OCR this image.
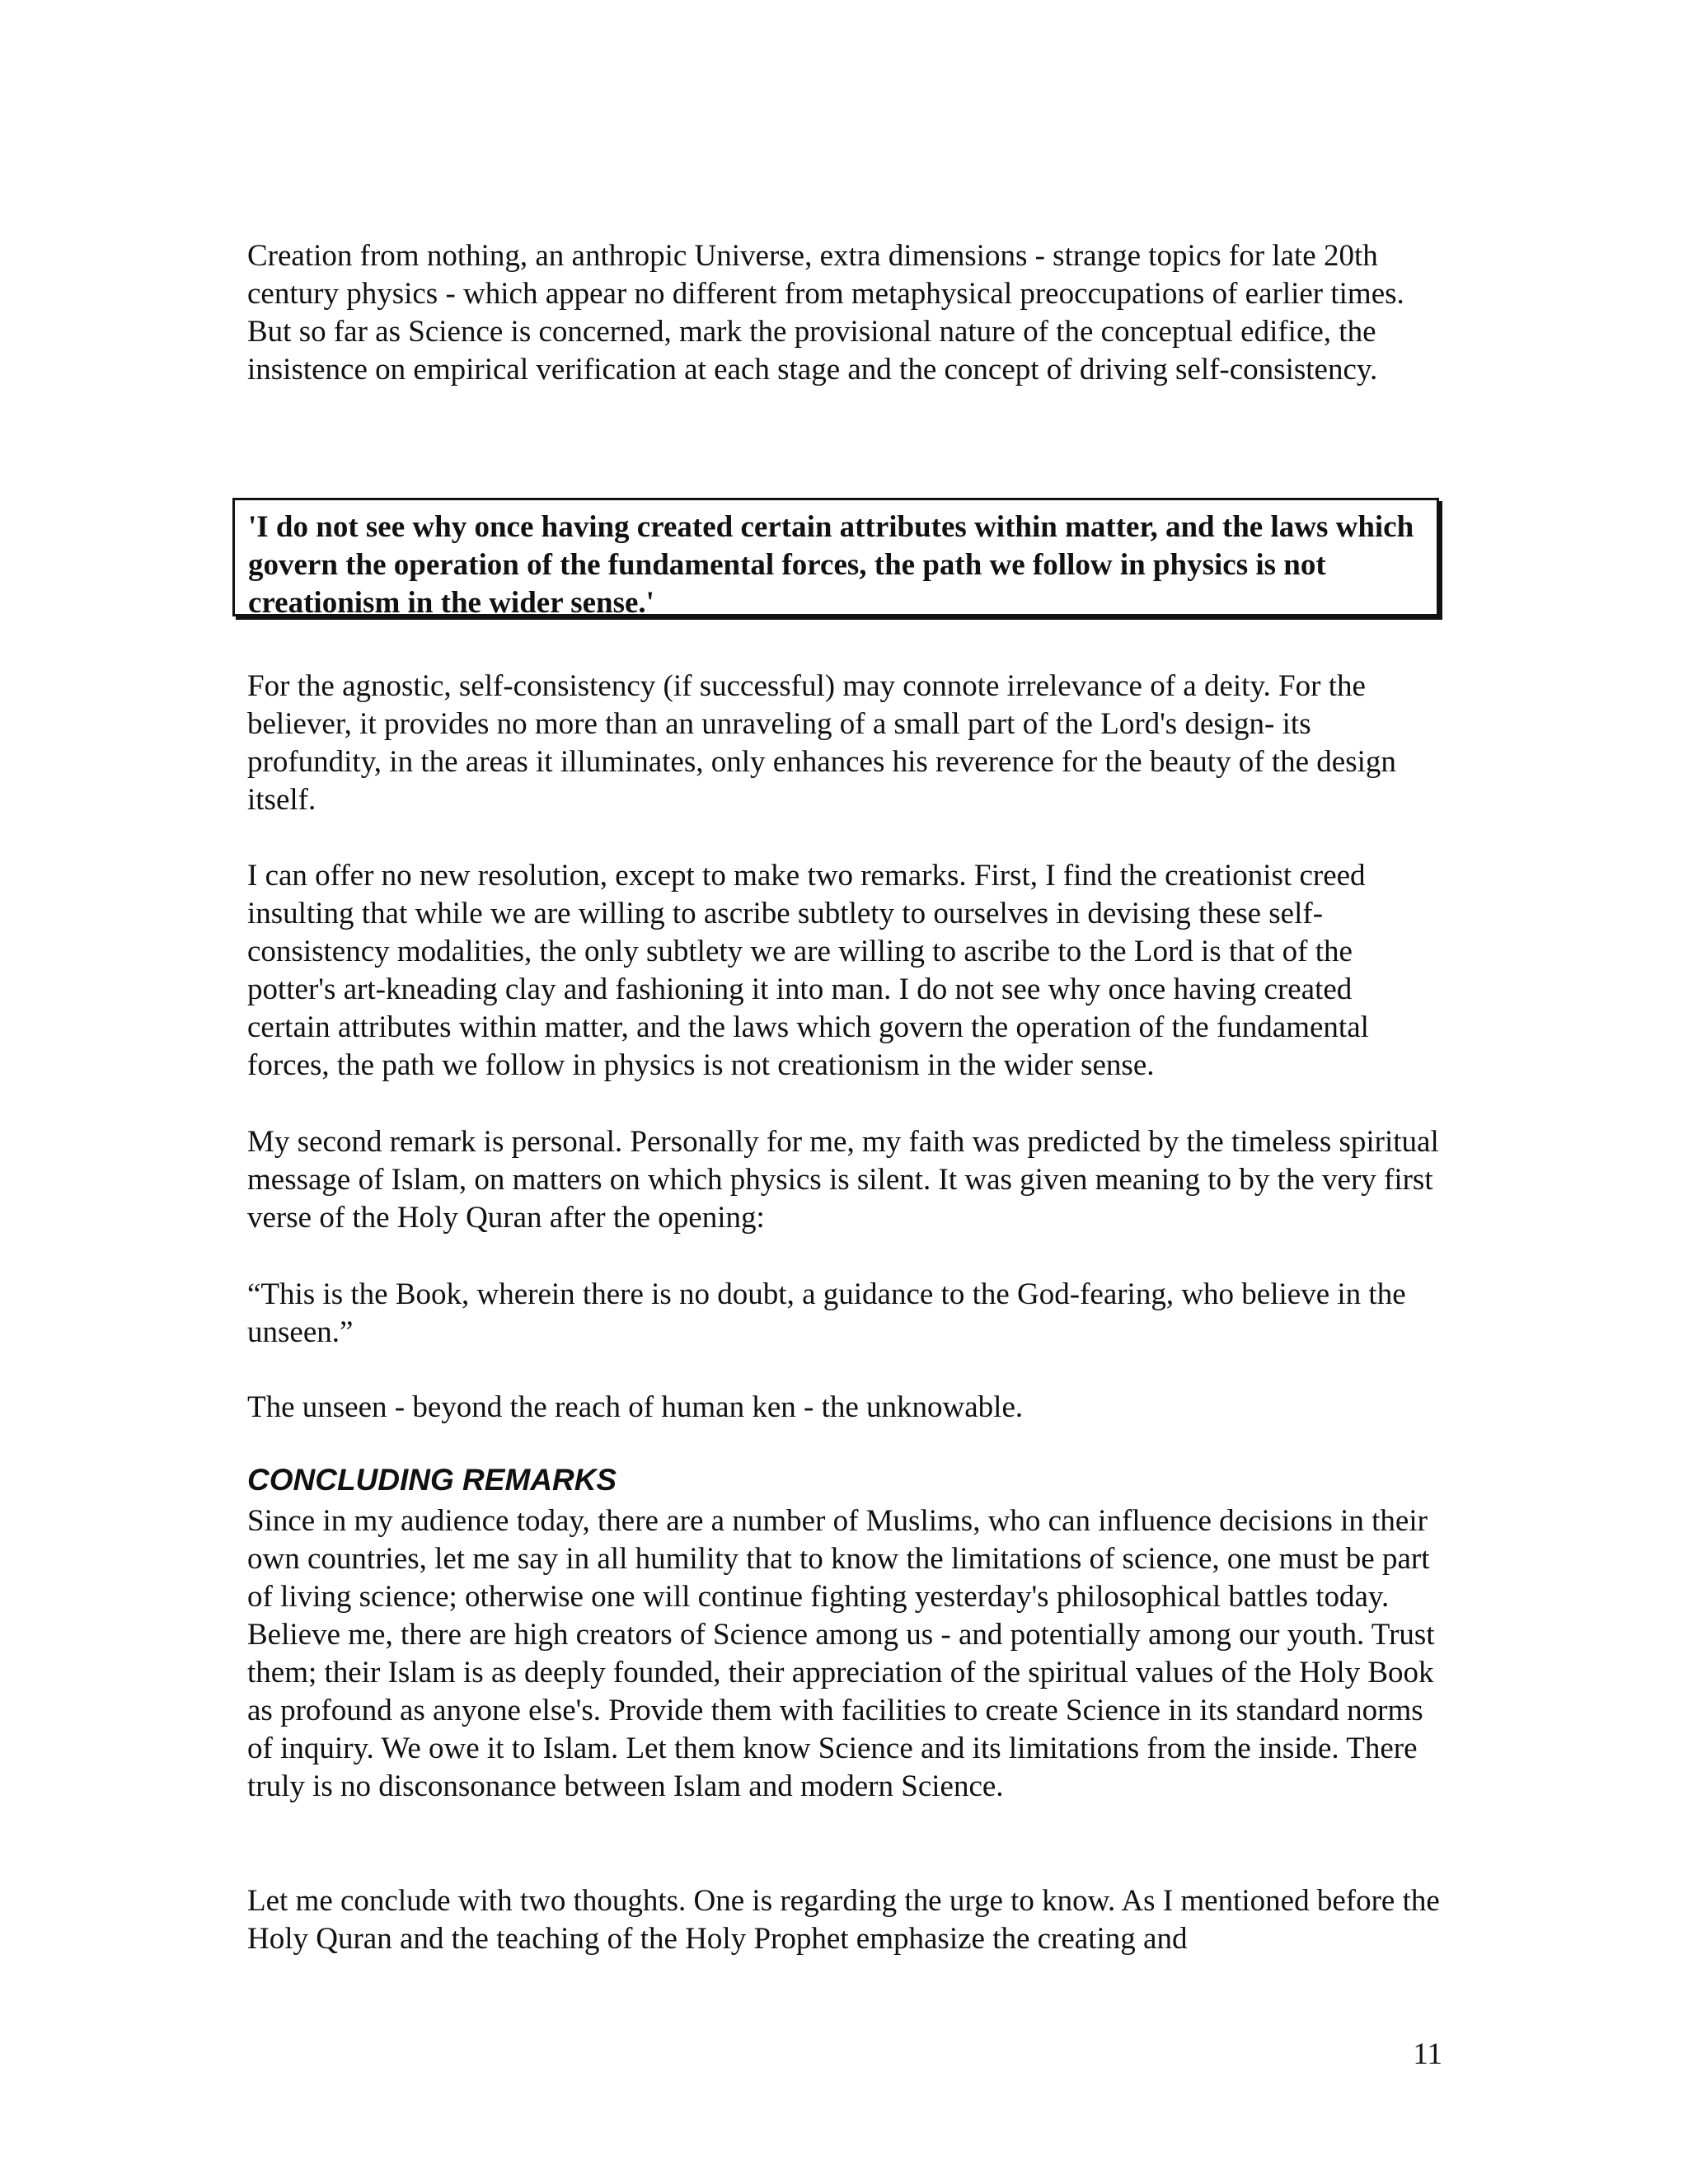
Creation from nothing, an anthropic Universe, extra dimensions - strange topics for late 20th century physics - which appear no different from metaphysical preoccupations of earlier times. But so far as Science is concerned, mark the provisional nature of the conceptual edifice, the insistence on empirical verification at each stage and the concept of driving self-consistency.

'I do not see why once having created certain attributes within matter, and the laws which govern the operation of the fundamental forces, the path we follow in physics is not creationism in the wider sense.'

For the agnostic, self-consistency (if successful) may connote irrelevance of a deity. For the believer, it provides no more than an unraveling of a small part of the Lord's design- its profundity, in the areas it illuminates, only enhances his reverence for the beauty of the design itself.

I can offer no new resolution, except to make two remarks. First, I find the creationist creed insulting that while we are willing to ascribe subtlety to ourselves in devising these self-consistency modalities, the only subtlety we are willing to ascribe to the Lord is that of the potter's art-kneading clay and fashioning it into man. I do not see why once having created certain attributes within matter, and the laws which govern the operation of the fundamental forces, the path we follow in physics is not creationism in the wider sense.

My second remark is personal. Personally for me, my faith was predicted by the timeless spiritual message of Islam, on matters on which physics is silent. It was given meaning to by the very first verse of the Holy Quran after the opening:

“This is the Book, wherein there is no doubt, a guidance to the God-fearing, who believe in the unseen.”

The unseen - beyond the reach of human ken - the unknowable.

CONCLUDING REMARKS

Since in my audience today, there are a number of Muslims, who can influence decisions in their own countries, let me say in all humility that to know the limitations of science, one must be part of living science; otherwise one will continue fighting yesterday's philosophical battles today. Believe me, there are high creators of Science among us - and potentially among our youth. Trust them; their Islam is as deeply founded, their appreciation of the spiritual values of the Holy Book as profound as anyone else's. Provide them with facilities to create Science in its standard norms of inquiry. We owe it to Islam. Let them know Science and its limitations from the inside. There truly is no disconsonance between Islam and modern Science.

Let me conclude with two thoughts. One is regarding the urge to know. As I mentioned before the Holy Quran and the teaching of the Holy Prophet emphasize the creating and

11
